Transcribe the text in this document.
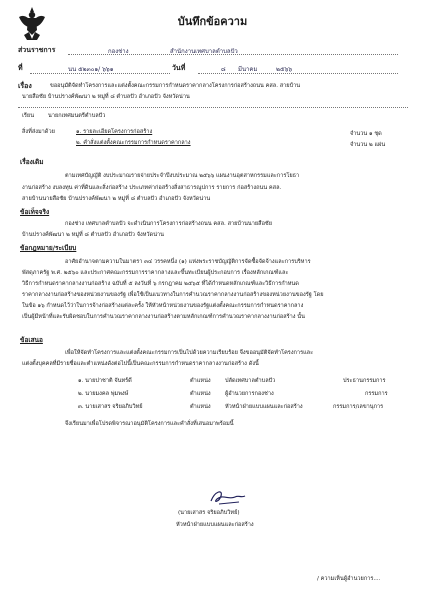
บันทึกข้อความ
ส่วนราชการ	กองช่าง	สำนักงานเทศบาลตำบลปัว
ที่	นน ๕๒๓๐๑/ ๖๖๑	วันที่	๘ มีนาคม	๒๕๖๖
เรื่อง	ขออนุมัติจัดทำโครงการและแต่งตั้งคณะกรรมการกำหนดราคากลางโครงการก่อสร้างถนน คสล. สายบ้าน
นายสือชัย บ้านปรางค์พัฒนา ๒ หมู่ที่ ๘ ตำบลปัว อำเภอปัว จังหวัดน่าน
เรียน นายกเทศมนตรีตำบลปัว
สิ่งที่ส่งมาด้วย	๑. รายละเอียดโครงการก่อสร้าง	จำนวน ๑ ชุด
๒. คำสั่งแต่งตั้งคณะกรรมการกำหนดราคากลาง	จำนวน ๒ แผ่น
เรื่องเดิม
ตามเทศบัญญัติ งบประมาณรายจ่ายประจำปีงบประมาณ ๒๕๖๖ แผนงานอุตสาหกรรมและการโยธา
งานก่อสร้าง งบลงทุน ค่าที่ดินและสิ่งก่อสร้าง ประเภทค่าก่อสร้างสิ่งสาธารณูปการ รายการ ก่อสร้างถนน คสล.
สายบ้านนายสือชัย บ้านปรางค์พัฒนา ๒ หมู่ที่ ๘ ตำบลปัว อำเภอปัว จังหวัดน่าน
ข้อเท็จจริง
กองช่าง เทศบาลตำบลปัว จะดำเนินการโครงการก่อสร้างถนน คสล. สายบ้านนายสือชัย
บ้านปรางค์พัฒนา ๒ หมู่ที่ ๘ ตำบลปัว อำเภอปัว จังหวัดน่าน
ข้อกฎหมาย/ระเบียบ
อาศัยอำนาจตามความในมาตรา ๓๔ วรรคหนึ่ง (๑) แห่งพระราชบัญญัติการจัดซื้อจัดจ้างและการบริหาร
พัสดุภาครัฐ พ.ศ. ๒๕๖๐ และประกาศคณะกรรมการราคากลางและขึ้นทะเบียนผู้ประกอบการ เรื่องหลักเกณฑ์และ
วิธีการกำหนดราคากลางงานก่อสร้าง ฉบับที่ ๕ ลงวันที่ ๖ กรกฎาคม ๒๕๖๕ ที่ได้กำหนดหลักเกณฑ์และวิธีการกำหนด
ราคากลางงานก่อสร้างของหน่วยงานของรัฐ เพื่อใช้เป็นแนวทางในการคำนวณราคากลางงานก่อสร้างของหน่วยงานของรัฐ โดย
ในข้อ ๑๖ กำหนดไว้ว่าในการจ้างก่อสร้างแต่ละครั้ง ให้หัวหน้าหน่วยงานของรัฐแต่งตั้งคณะกรรมการกำหนดราคากลาง
เป็นผู้มีหน้าที่และรับผิดชอบในการคำนวณราคากลางงานก่อสร้างตามหลักเกณฑ์การคำนวณราคากลางงานก่อสร้าง นั้น
ข้อเสนอ
เพื่อให้จัดทำโครงการและแต่งตั้งคณะกรรมการเป็นไปด้วยความเรียบร้อย จึงขออนุมัติจัดทำโครงการและ
แต่งตั้งบุคคลที่มีรายชื่อและตำแหน่งดังต่อไปนี้เป็นคณะกรรมการกำหนดราคากลางงานก่อสร้าง ดังนี้
๑. นายปาชาติ จันทร์ดี	ตำแหน่ง	ปลัดเทศบาลตำบลปัว	ประธานกรรมการ
๒. นายมงคล พุ่มพงษ์	ตำแหน่ง	ผู้อำนวยการกองช่าง	กรรมการ
๓. นายเสาสร จริยอภิบวิทย์	ตำแหน่ง	หัวหน้าฝ่ายแบบแผนและก่อสร้าง	กรรมการ/เลขานุการ
จึงเรียนมาเพื่อโปรดพิจารณาอนุมัติโครงการและคำสั่งที่เสนอมาพร้อมนี้
(นายเสาสร จริยอภิบวิทย์)
หัวหน้าฝ่ายแบบแผนและก่อสร้าง
/ ความเห็นผู้อำนวยการ....
